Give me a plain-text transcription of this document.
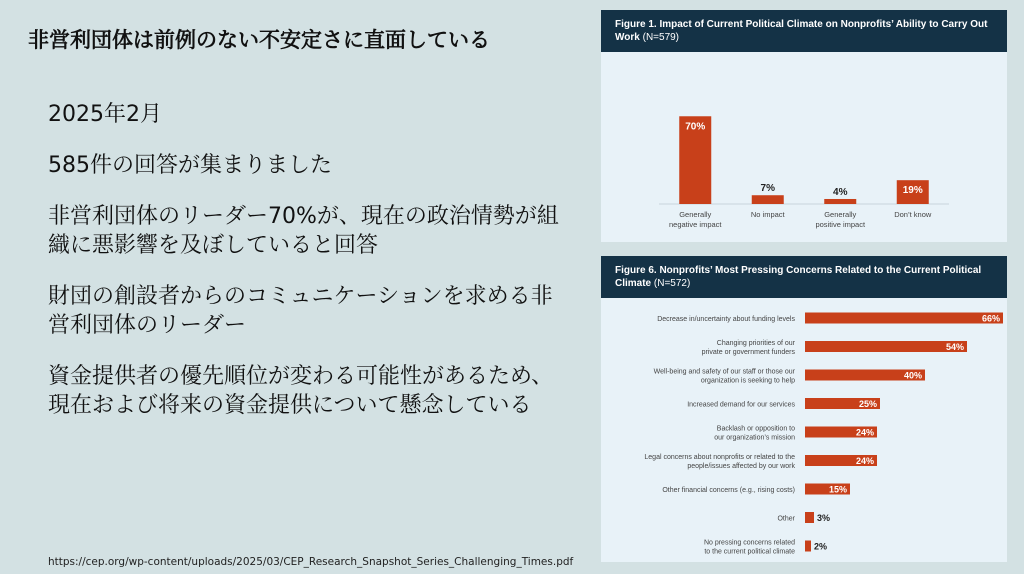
非営利団体は前例のない不安定さに直面している
2025年2月
585件の回答が集まりました
非営利団体のリーダー70%が、現在の政治情勢が組織に悪影響を及ぼしていると回答
財団の創設者からのコミュニケーションを求める非営利団体のリーダー
資金提供者の優先順位が変わる可能性があるため、現在および将来の資金提供について懸念している
https://cep.org/wp-content/uploads/2025/03/CEP_Research_Snapshot_Series_Challenging_Times.pdf
Figure 1. Impact of Current Political Climate on Nonprofits’ Ability to Carry Out Work (N=579)
70%
Generally
negative impact
7%
No impact
4%
Generally
positive impact
19%
Don’t know
Figure 6. Nonprofits’ Most Pressing Concerns Related to the Current Political Climate (N=572)
66%
Decrease in/uncertainty about funding levels
54%
Changing priorities of our
private or government funders
40%
Well-being and safety of our staff or those our
organization is seeking to help
25%
Increased demand for our services
24%
Backlash or opposition to
our organization’s mission
24%
Legal concerns about nonprofits or related to the
people/issues affected by our work
15%
Other financial concerns (e.g., rising costs)
3%
Other
2%
No pressing concerns related
to the current political climate
